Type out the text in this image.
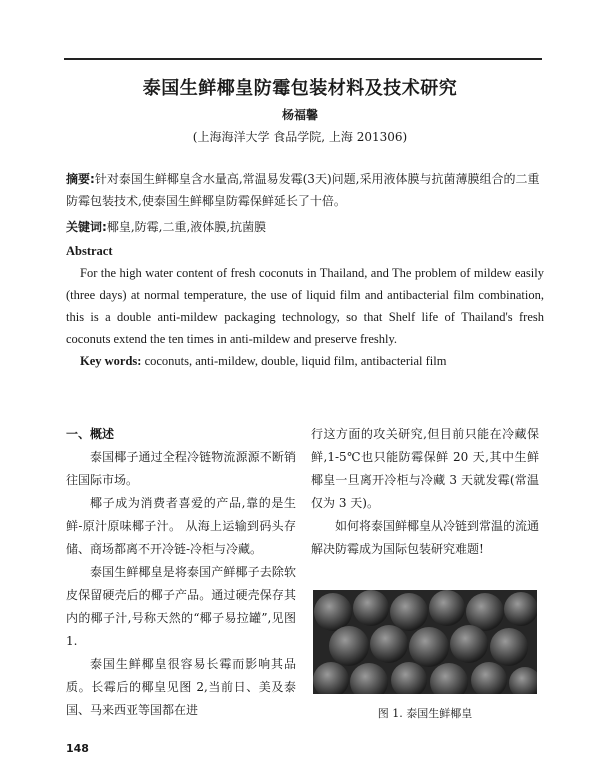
泰国生鲜椰皇防霉包装材料及技术研究
杨福馨
(上海海洋大学 食品学院, 上海 201306)

摘要:针对泰国生鲜椰皇含水量高,常温易发霉(3天)问题,采用液体膜与抗菌薄膜组合的二重防霉包装技术,使泰国生鲜椰皇防霉保鲜延长了十倍。

关键词:椰皇,防霉,二重,液体膜,抗菌膜

Abstract

For the high water content of fresh coconuts in Thailand, and The problem of mildew easily (three days) at normal temperature, the use of liquid film and antibacterial film combination, this is a double anti-mildew packaging technology, so that Shelf life of Thailand's fresh coconuts extend the ten times in anti-mildew and preserve freshly.

Key words: coconuts, anti-mildew, double, liquid film, antibacterial film

一、概述

泰国椰子通过全程冷链物流源源不断销往国际市场。

椰子成为消费者喜爱的产品,靠的是生鲜-原汁原味椰子汁。 从海上运输到码头存储、商场都离不开冷链-冷柜与冷藏。

泰国生鲜椰皇是将泰国产鲜椰子去除软皮保留硬壳后的椰子产品。通过硬壳保存其内的椰子汁,号称天然的“椰子易拉罐”,见图 1.

泰国生鲜椰皇很容易长霉而影响其品质。长霉后的椰皇见图 2,当前日、美及泰国、马来西亚等国都在进

行这方面的攻关研究,但目前只能在冷藏保鲜,1-5℃也只能防霉保鲜 20 天,其中生鲜椰皇一旦离开冷柜与冷藏 3 天就发霉(常温仅为 3 天)。

如何将泰国鲜椰皇从冷链到常温的流通解决防霉成为国际包装研究难题!

图 1. 泰国生鲜椰皇
148
